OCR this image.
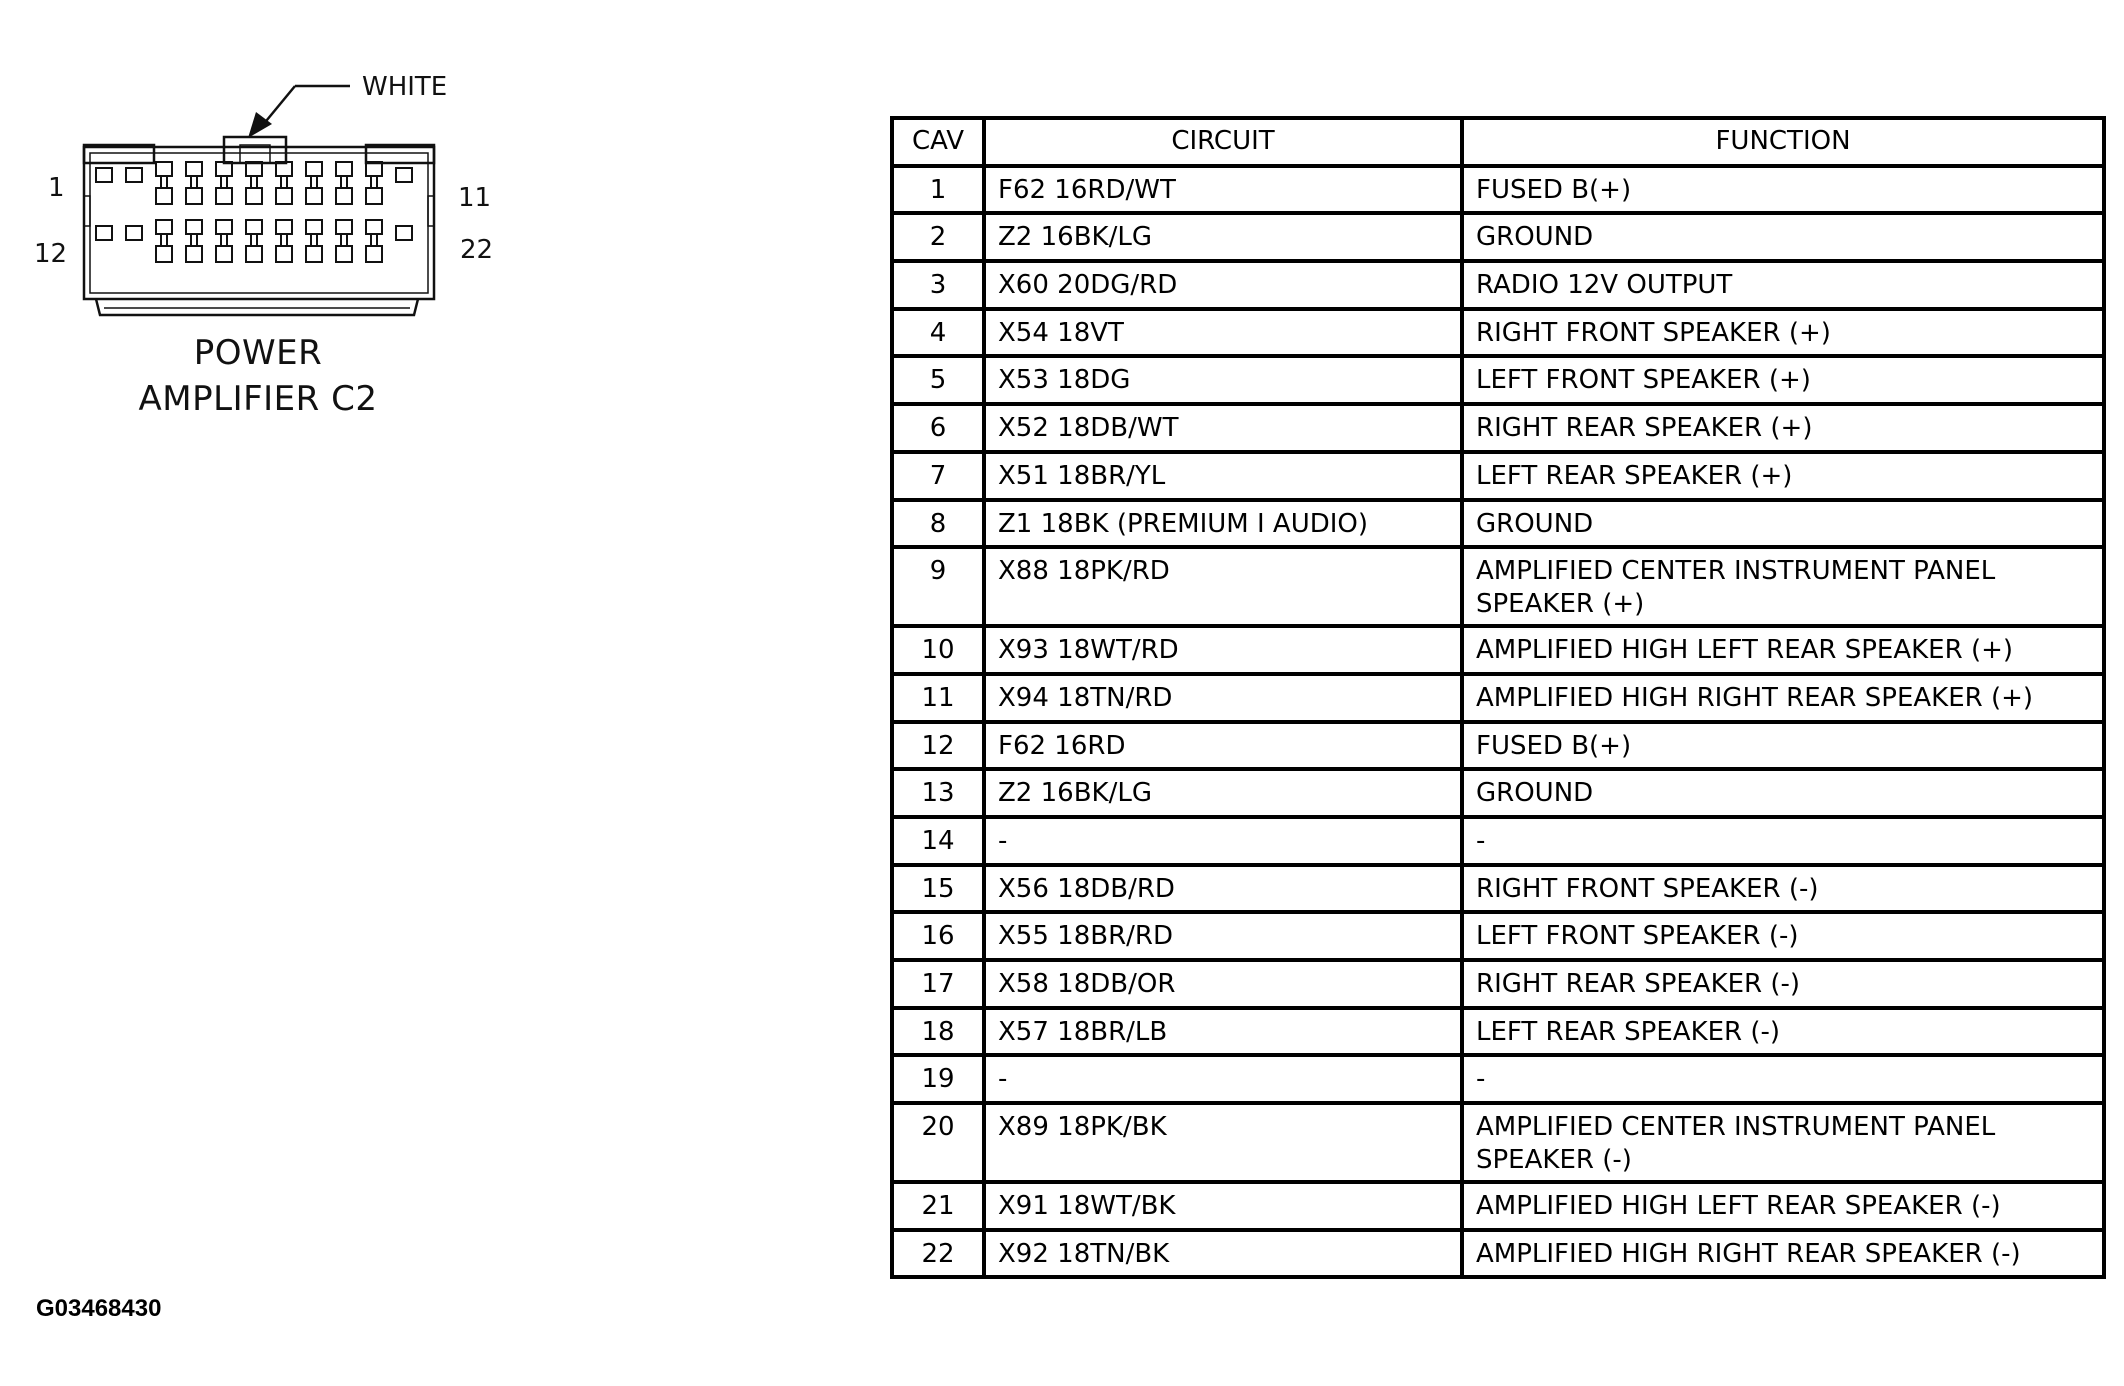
WHITE
1	11
12	22
POWER
AMPLIFIER C2
G03468430
CAV	CIRCUIT	FUNCTION
1	F62 16RD/WT	FUSED B(+)
2	Z2 16BK/LG	GROUND
3	X60 20DG/RD	RADIO 12V OUTPUT
4	X54 18VT	RIGHT FRONT SPEAKER (+)
5	X53 18DG	LEFT FRONT SPEAKER (+)
6	X52 18DB/WT	RIGHT REAR SPEAKER (+)
7	X51 18BR/YL	LEFT REAR SPEAKER (+)
8	Z1 18BK (PREMIUM I AUDIO)	GROUND
9	X88 18PK/RD	AMPLIFIED CENTER INSTRUMENT PANEL SPEAKER (+)
10	X93 18WT/RD	AMPLIFIED HIGH LEFT REAR SPEAKER (+)
11	X94 18TN/RD	AMPLIFIED HIGH RIGHT REAR SPEAKER (+)
12	F62 16RD	FUSED B(+)
13	Z2 16BK/LG	GROUND
14	-	-
15	X56 18DB/RD	RIGHT FRONT SPEAKER (-)
16	X55 18BR/RD	LEFT FRONT SPEAKER (-)
17	X58 18DB/OR	RIGHT REAR SPEAKER (-)
18	X57 18BR/LB	LEFT REAR SPEAKER (-)
19	-	-
20	X89 18PK/BK	AMPLIFIED CENTER INSTRUMENT PANEL SPEAKER (-)
21	X91 18WT/BK	AMPLIFIED HIGH LEFT REAR SPEAKER (-)
22	X92 18TN/BK	AMPLIFIED HIGH RIGHT REAR SPEAKER (-)
